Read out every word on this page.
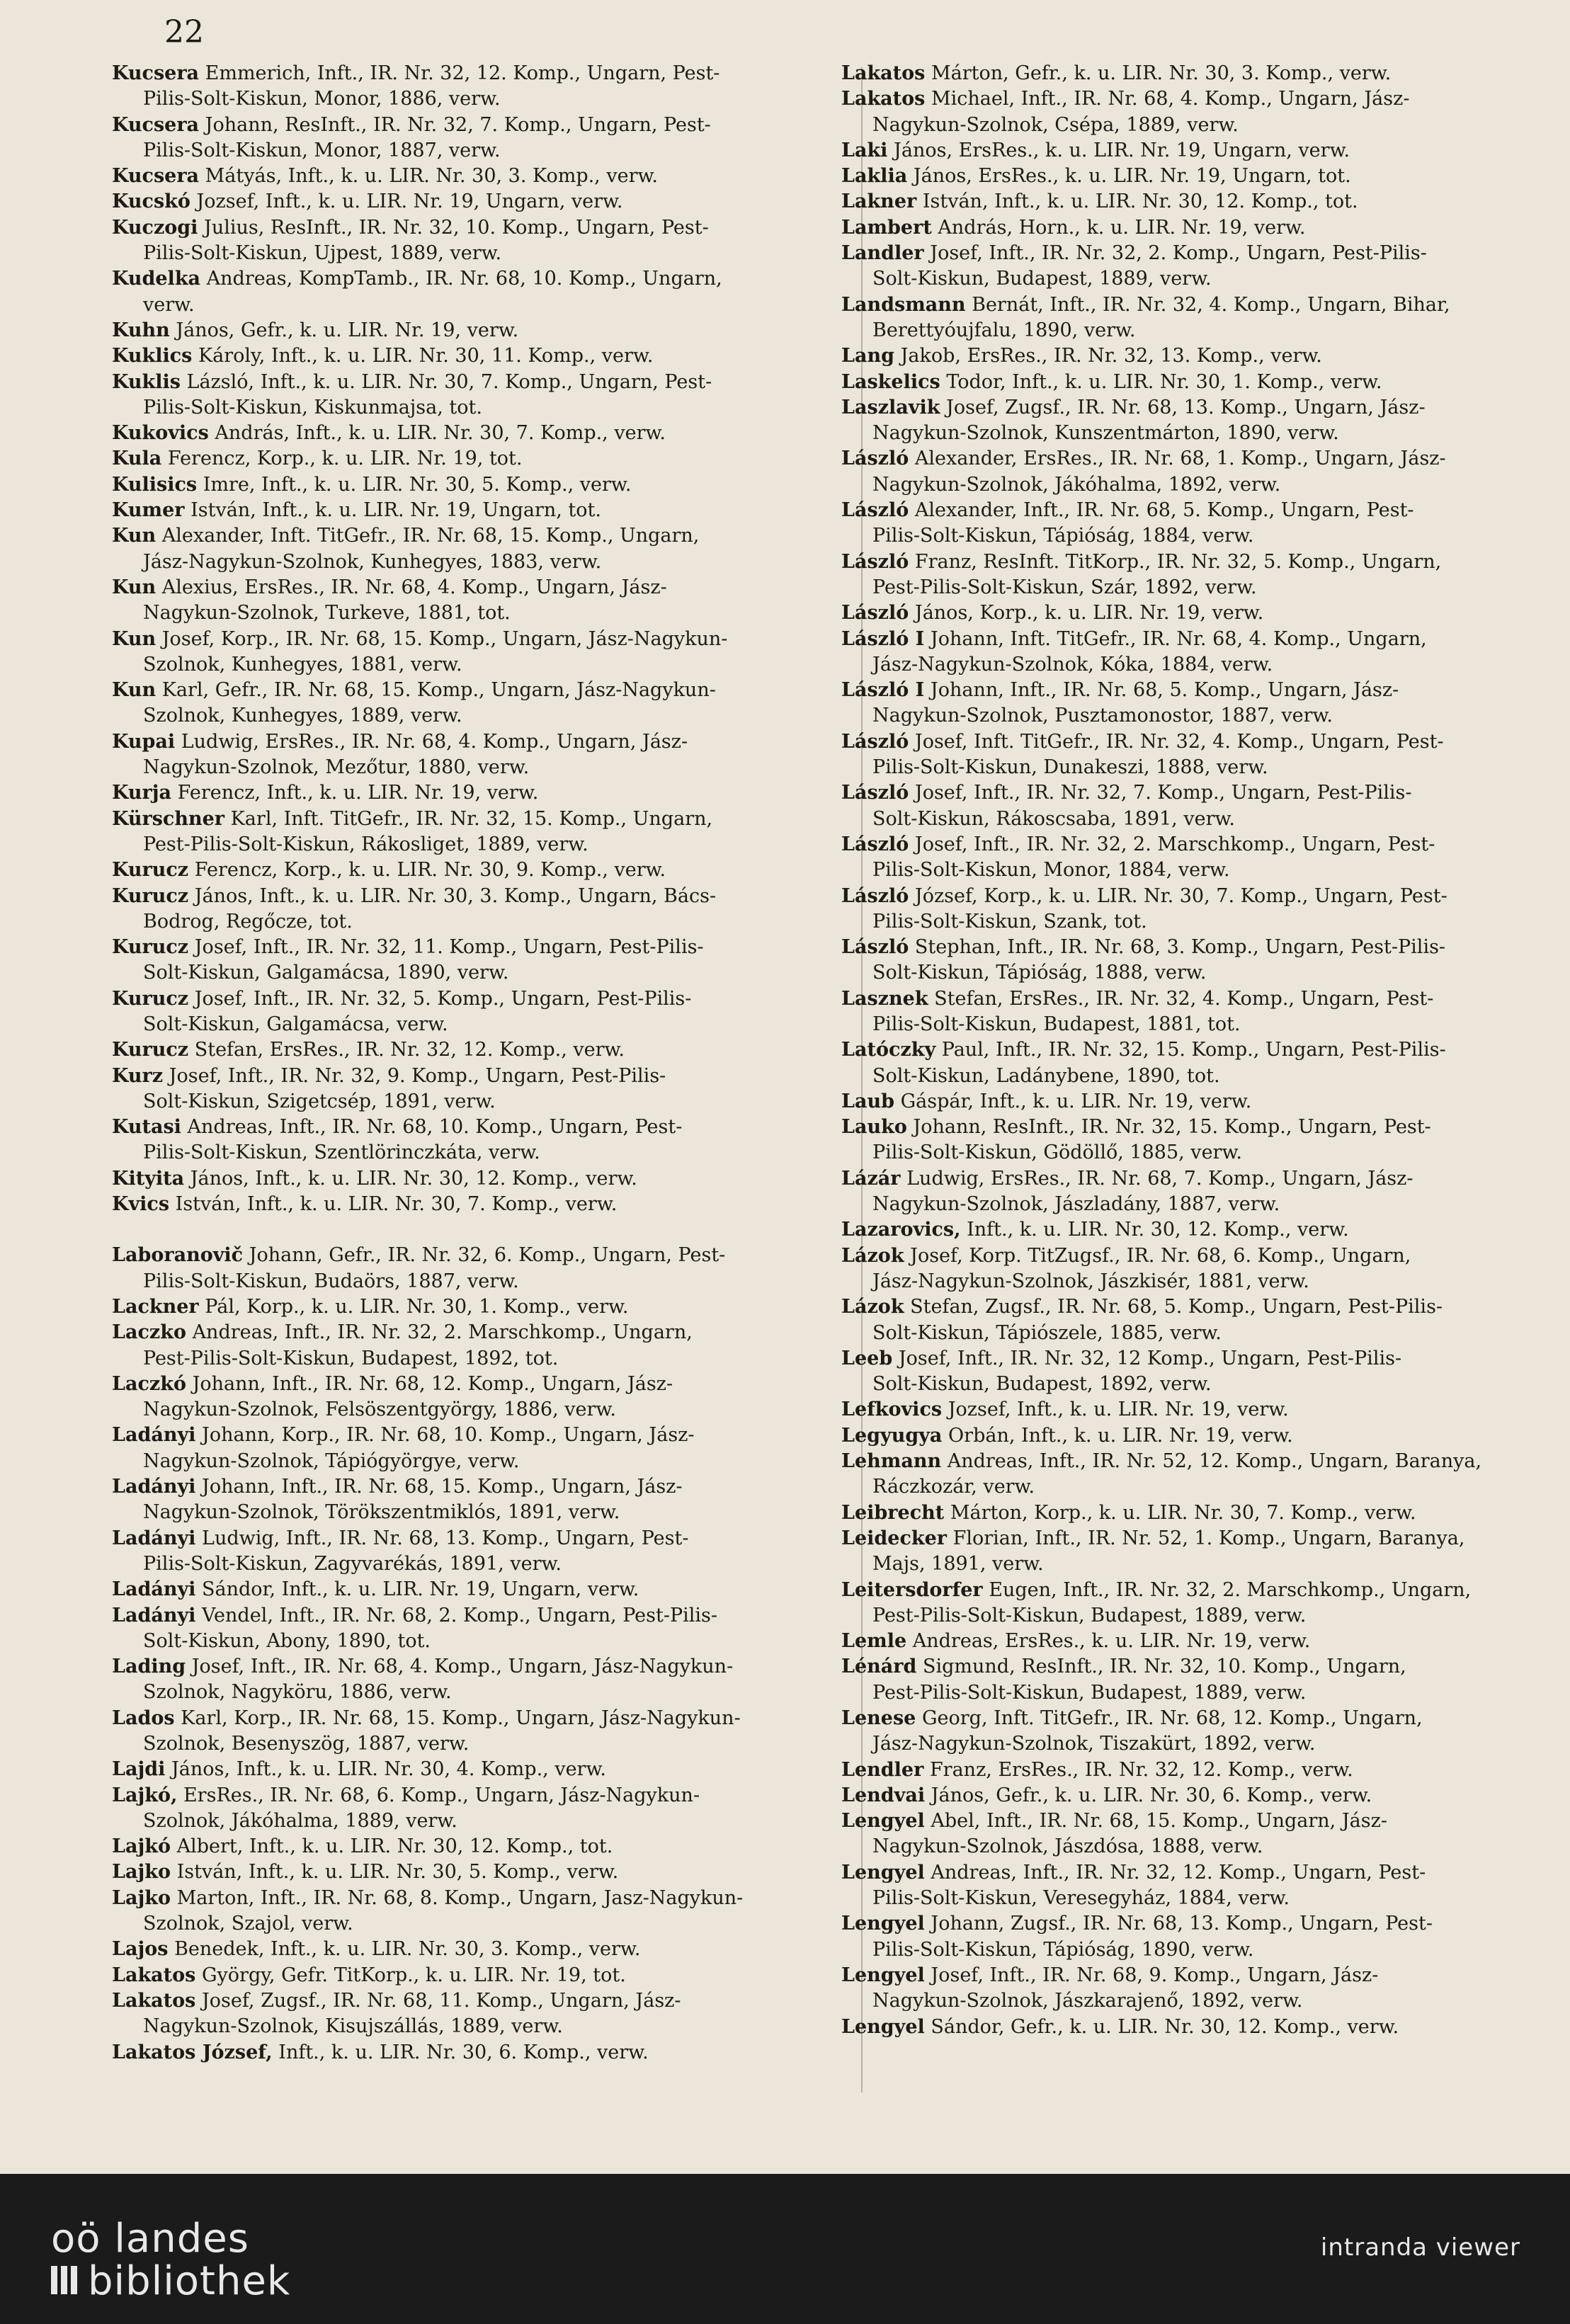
22
Kucsera Emmerich, Inft., IR. Nr. 32, 12. Komp., Ungarn, Pest-
Pilis-Solt-Kiskun, Monor, 1886, verw.
Kucsera Johann, ResInft., IR. Nr. 32, 7. Komp., Ungarn, Pest-
Pilis-Solt-Kiskun, Monor, 1887, verw.
Kucsera Mátyás, Inft., k. u. LIR. Nr. 30, 3. Komp., verw.
Kucskó Jozsef, Inft., k. u. LIR. Nr. 19, Ungarn, verw.
Kuczogi Julius, ResInft., IR. Nr. 32, 10. Komp., Ungarn, Pest-
Pilis-Solt-Kiskun, Ujpest, 1889, verw.
Kudelka Andreas, KompTamb., IR. Nr. 68, 10. Komp., Ungarn,
verw.
Kuhn János, Gefr., k. u. LIR. Nr. 19, verw.
Kuklics Károly, Inft., k. u. LIR. Nr. 30, 11. Komp., verw.
Kuklis Lázsló, Inft., k. u. LIR. Nr. 30, 7. Komp., Ungarn, Pest-
Pilis-Solt-Kiskun, Kiskunmajsa, tot.
Kukovics András, Inft., k. u. LIR. Nr. 30, 7. Komp., verw.
Kula Ferencz, Korp., k. u. LIR. Nr. 19, tot.
Kulisics Imre, Inft., k. u. LIR. Nr. 30, 5. Komp., verw.
Kumer István, Inft., k. u. LIR. Nr. 19, Ungarn, tot.
Kun Alexander, Inft. TitGefr., IR. Nr. 68, 15. Komp., Ungarn,
Jász-Nagykun-Szolnok, Kunhegyes, 1883, verw.
Kun Alexius, ErsRes., IR. Nr. 68, 4. Komp., Ungarn, Jász-
Nagykun-Szolnok, Turkeve, 1881, tot.
Kun Josef, Korp., IR. Nr. 68, 15. Komp., Ungarn, Jász-Nagykun-
Szolnok, Kunhegyes, 1881, verw.
Kun Karl, Gefr., IR. Nr. 68, 15. Komp., Ungarn, Jász-Nagykun-
Szolnok, Kunhegyes, 1889, verw.
Kupai Ludwig, ErsRes., IR. Nr. 68, 4. Komp., Ungarn, Jász-
Nagykun-Szolnok, Mezőtur, 1880, verw.
Kurja Ferencz, Inft., k. u. LIR. Nr. 19, verw.
Kürschner Karl, Inft. TitGefr., IR. Nr. 32, 15. Komp., Ungarn,
Pest-Pilis-Solt-Kiskun, Rákosliget, 1889, verw.
Kurucz Ferencz, Korp., k. u. LIR. Nr. 30, 9. Komp., verw.
Kurucz János, Inft., k. u. LIR. Nr. 30, 3. Komp., Ungarn, Bács-
Bodrog, Regőcze, tot.
Kurucz Josef, Inft., IR. Nr. 32, 11. Komp., Ungarn, Pest-Pilis-
Solt-Kiskun, Galgamácsa, 1890, verw.
Kurucz Josef, Inft., IR. Nr. 32, 5. Komp., Ungarn, Pest-Pilis-
Solt-Kiskun, Galgamácsa, verw.
Kurucz Stefan, ErsRes., IR. Nr. 32, 12. Komp., verw.
Kurz Josef, Inft., IR. Nr. 32, 9. Komp., Ungarn, Pest-Pilis-
Solt-Kiskun, Szigetcsép, 1891, verw.
Kutasi Andreas, Inft., IR. Nr. 68, 10. Komp., Ungarn, Pest-
Pilis-Solt-Kiskun, Szentlörinczkáta, verw.
Kityita János, Inft., k. u. LIR. Nr. 30, 12. Komp., verw.
Kvics István, Inft., k. u. LIR. Nr. 30, 7. Komp., verw.
Laboranovič Johann, Gefr., IR. Nr. 32, 6. Komp., Ungarn, Pest-
Pilis-Solt-Kiskun, Budaörs, 1887, verw.
Lackner Pál, Korp., k. u. LIR. Nr. 30, 1. Komp., verw.
Laczko Andreas, Inft., IR. Nr. 32, 2. Marschkomp., Ungarn,
Pest-Pilis-Solt-Kiskun, Budapest, 1892, tot.
Laczkó Johann, Inft., IR. Nr. 68, 12. Komp., Ungarn, Jász-
Nagykun-Szolnok, Felsöszentgyörgy, 1886, verw.
Ladányi Johann, Korp., IR. Nr. 68, 10. Komp., Ungarn, Jász-
Nagykun-Szolnok, Tápiógyörgye, verw.
Ladányi Johann, Inft., IR. Nr. 68, 15. Komp., Ungarn, Jász-
Nagykun-Szolnok, Törökszentmiklós, 1891, verw.
Ladányi Ludwig, Inft., IR. Nr. 68, 13. Komp., Ungarn, Pest-
Pilis-Solt-Kiskun, Zagyvarékás, 1891, verw.
Ladányi Sándor, Inft., k. u. LIR. Nr. 19, Ungarn, verw.
Ladányi Vendel, Inft., IR. Nr. 68, 2. Komp., Ungarn, Pest-Pilis-
Solt-Kiskun, Abony, 1890, tot.
Lading Josef, Inft., IR. Nr. 68, 4. Komp., Ungarn, Jász-Nagykun-
Szolnok, Nagyköru, 1886, verw.
Lados Karl, Korp., IR. Nr. 68, 15. Komp., Ungarn, Jász-Nagykun-
Szolnok, Besenyszög, 1887, verw.
Lajdi János, Inft., k. u. LIR. Nr. 30, 4. Komp., verw.
Lajkó, ErsRes., IR. Nr. 68, 6. Komp., Ungarn, Jász-Nagykun-
Szolnok, Jákóhalma, 1889, verw.
Lajkó Albert, Inft., k. u. LIR. Nr. 30, 12. Komp., tot.
Lajko István, Inft., k. u. LIR. Nr. 30, 5. Komp., verw.
Lajko Marton, Inft., IR. Nr. 68, 8. Komp., Ungarn, Jasz-Nagykun-
Szolnok, Szajol, verw.
Lajos Benedek, Inft., k. u. LIR. Nr. 30, 3. Komp., verw.
Lakatos György, Gefr. TitKorp., k. u. LIR. Nr. 19, tot.
Lakatos Josef, Zugsf., IR. Nr. 68, 11. Komp., Ungarn, Jász-
Nagykun-Szolnok, Kisujszállás, 1889, verw.
Lakatos József, Inft., k. u. LIR. Nr. 30, 6. Komp., verw.
Lakatos Márton, Gefr., k. u. LIR. Nr. 30, 3. Komp., verw.
Lakatos Michael, Inft., IR. Nr. 68, 4. Komp., Ungarn, Jász-
Nagykun-Szolnok, Csépa, 1889, verw.
Laki János, ErsRes., k. u. LIR. Nr. 19, Ungarn, verw.
Laklia János, ErsRes., k. u. LIR. Nr. 19, Ungarn, tot.
Lakner István, Inft., k. u. LIR. Nr. 30, 12. Komp., tot.
Lambert András, Horn., k. u. LIR. Nr. 19, verw.
Landler Josef, Inft., IR. Nr. 32, 2. Komp., Ungarn, Pest-Pilis-
Solt-Kiskun, Budapest, 1889, verw.
Landsmann Bernát, Inft., IR. Nr. 32, 4. Komp., Ungarn, Bihar,
Berettyóujfalu, 1890, verw.
Lang Jakob, ErsRes., IR. Nr. 32, 13. Komp., verw.
Laskelics Todor, Inft., k. u. LIR. Nr. 30, 1. Komp., verw.
Laszlavik Josef, Zugsf., IR. Nr. 68, 13. Komp., Ungarn, Jász-
Nagykun-Szolnok, Kunszentmárton, 1890, verw.
László Alexander, ErsRes., IR. Nr. 68, 1. Komp., Ungarn, Jász-
Nagykun-Szolnok, Jákóhalma, 1892, verw.
László Alexander, Inft., IR. Nr. 68, 5. Komp., Ungarn, Pest-
Pilis-Solt-Kiskun, Tápióság, 1884, verw.
László Franz, ResInft. TitKorp., IR. Nr. 32, 5. Komp., Ungarn,
Pest-Pilis-Solt-Kiskun, Szár, 1892, verw.
László János, Korp., k. u. LIR. Nr. 19, verw.
László I Johann, Inft. TitGefr., IR. Nr. 68, 4. Komp., Ungarn,
Jász-Nagykun-Szolnok, Kóka, 1884, verw.
László I Johann, Inft., IR. Nr. 68, 5. Komp., Ungarn, Jász-
Nagykun-Szolnok, Pusztamonostor, 1887, verw.
László Josef, Inft. TitGefr., IR. Nr. 32, 4. Komp., Ungarn, Pest-
Pilis-Solt-Kiskun, Dunakeszi, 1888, verw.
László Josef, Inft., IR. Nr. 32, 7. Komp., Ungarn, Pest-Pilis-
Solt-Kiskun, Rákoscsaba, 1891, verw.
László Josef, Inft., IR. Nr. 32, 2. Marschkomp., Ungarn, Pest-
Pilis-Solt-Kiskun, Monor, 1884, verw.
László József, Korp., k. u. LIR. Nr. 30, 7. Komp., Ungarn, Pest-
Pilis-Solt-Kiskun, Szank, tot.
László Stephan, Inft., IR. Nr. 68, 3. Komp., Ungarn, Pest-Pilis-
Solt-Kiskun, Tápióság, 1888, verw.
Lasznek Stefan, ErsRes., IR. Nr. 32, 4. Komp., Ungarn, Pest-
Pilis-Solt-Kiskun, Budapest, 1881, tot.
Latóczky Paul, Inft., IR. Nr. 32, 15. Komp., Ungarn, Pest-Pilis-
Solt-Kiskun, Ladánybene, 1890, tot.
Laub Gáspár, Inft., k. u. LIR. Nr. 19, verw.
Lauko Johann, ResInft., IR. Nr. 32, 15. Komp., Ungarn, Pest-
Pilis-Solt-Kiskun, Gödöllő, 1885, verw.
Lázár Ludwig, ErsRes., IR. Nr. 68, 7. Komp., Ungarn, Jász-
Nagykun-Szolnok, Jászladány, 1887, verw.
Lazarovics, Inft., k. u. LIR. Nr. 30, 12. Komp., verw.
Lázok Josef, Korp. TitZugsf., IR. Nr. 68, 6. Komp., Ungarn,
Jász-Nagykun-Szolnok, Jászkisér, 1881, verw.
Lázok Stefan, Zugsf., IR. Nr. 68, 5. Komp., Ungarn, Pest-Pilis-
Solt-Kiskun, Tápiószele, 1885, verw.
Leeb Josef, Inft., IR. Nr. 32, 12 Komp., Ungarn, Pest-Pilis-
Solt-Kiskun, Budapest, 1892, verw.
Lefkovics Jozsef, Inft., k. u. LIR. Nr. 19, verw.
Legyugya Orbán, Inft., k. u. LIR. Nr. 19, verw.
Lehmann Andreas, Inft., IR. Nr. 52, 12. Komp., Ungarn, Baranya,
Ráczkozár, verw.
Leibrecht Márton, Korp., k. u. LIR. Nr. 30, 7. Komp., verw.
Leidecker Florian, Inft., IR. Nr. 52, 1. Komp., Ungarn, Baranya,
Majs, 1891, verw.
Leitersdorfer Eugen, Inft., IR. Nr. 32, 2. Marschkomp., Ungarn,
Pest-Pilis-Solt-Kiskun, Budapest, 1889, verw.
Lemle Andreas, ErsRes., k. u. LIR. Nr. 19, verw.
Lénárd Sigmund, ResInft., IR. Nr. 32, 10. Komp., Ungarn,
Pest-Pilis-Solt-Kiskun, Budapest, 1889, verw.
Lenese Georg, Inft. TitGefr., IR. Nr. 68, 12. Komp., Ungarn,
Jász-Nagykun-Szolnok, Tiszakürt, 1892, verw.
Lendler Franz, ErsRes., IR. Nr. 32, 12. Komp., verw.
Lendvai János, Gefr., k. u. LIR. Nr. 30, 6. Komp., verw.
Lengyel Abel, Inft., IR. Nr. 68, 15. Komp., Ungarn, Jász-
Nagykun-Szolnok, Jászdósa, 1888, verw.
Lengyel Andreas, Inft., IR. Nr. 32, 12. Komp., Ungarn, Pest-
Pilis-Solt-Kiskun, Veresegyház, 1884, verw.
Lengyel Johann, Zugsf., IR. Nr. 68, 13. Komp., Ungarn, Pest-
Pilis-Solt-Kiskun, Tápióság, 1890, verw.
Lengyel Josef, Inft., IR. Nr. 68, 9. Komp., Ungarn, Jász-
Nagykun-Szolnok, Jászkarajenő, 1892, verw.
Lengyel Sándor, Gefr., k. u. LIR. Nr. 30, 12. Komp., verw.
oö landes
bibliothek
intranda viewer
